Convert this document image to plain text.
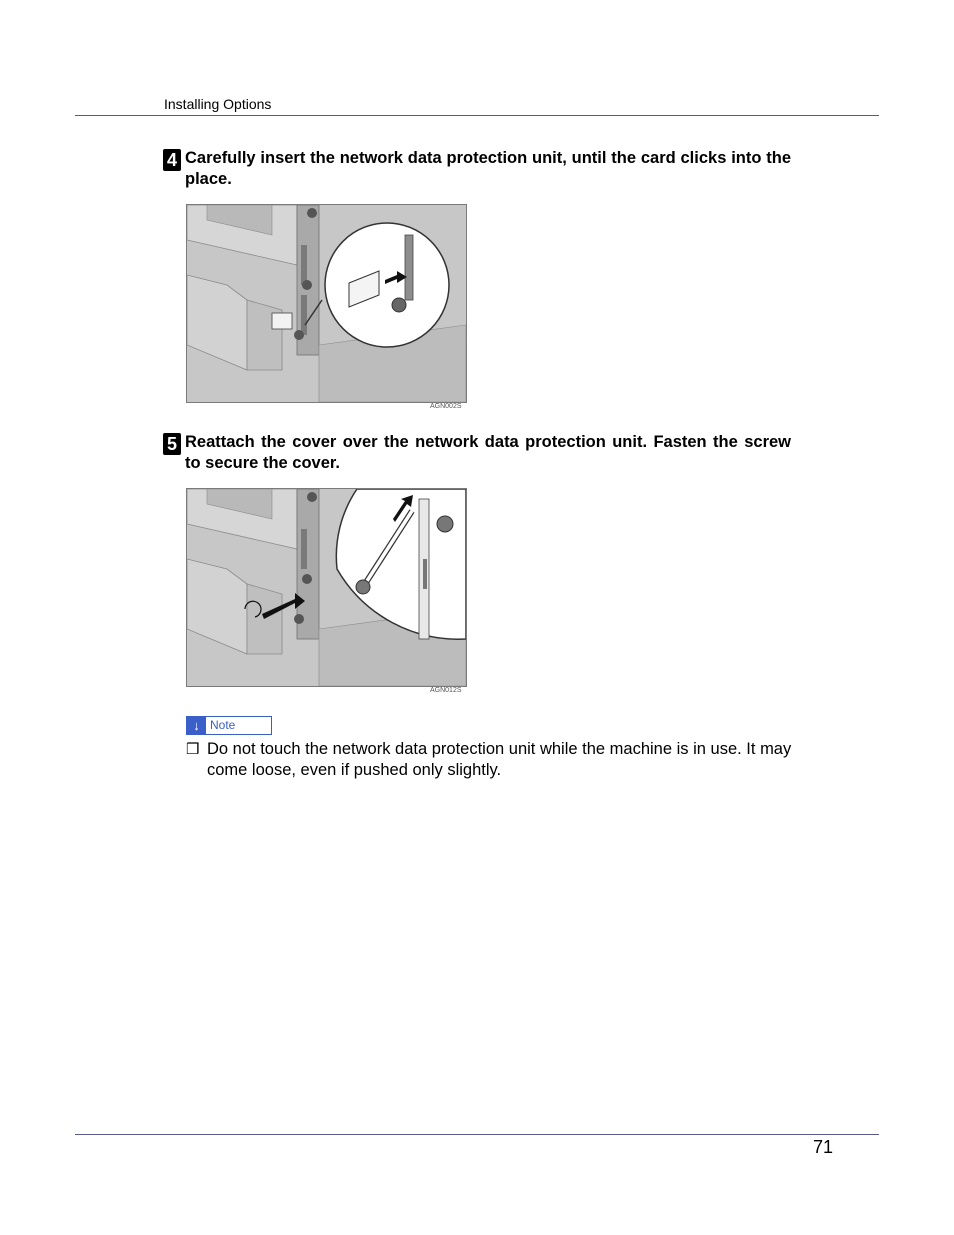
Installing Options
4 Carefully insert the network data protection unit, until the card clicks into the place.
AGN002S
5 Reattach the cover over the network data protection unit. Fasten the screw to secure the cover.
AGN012S
↓ Note
❒ Do not touch the network data protection unit while the machine is in use. It may come loose, even if pushed only slightly.
71
